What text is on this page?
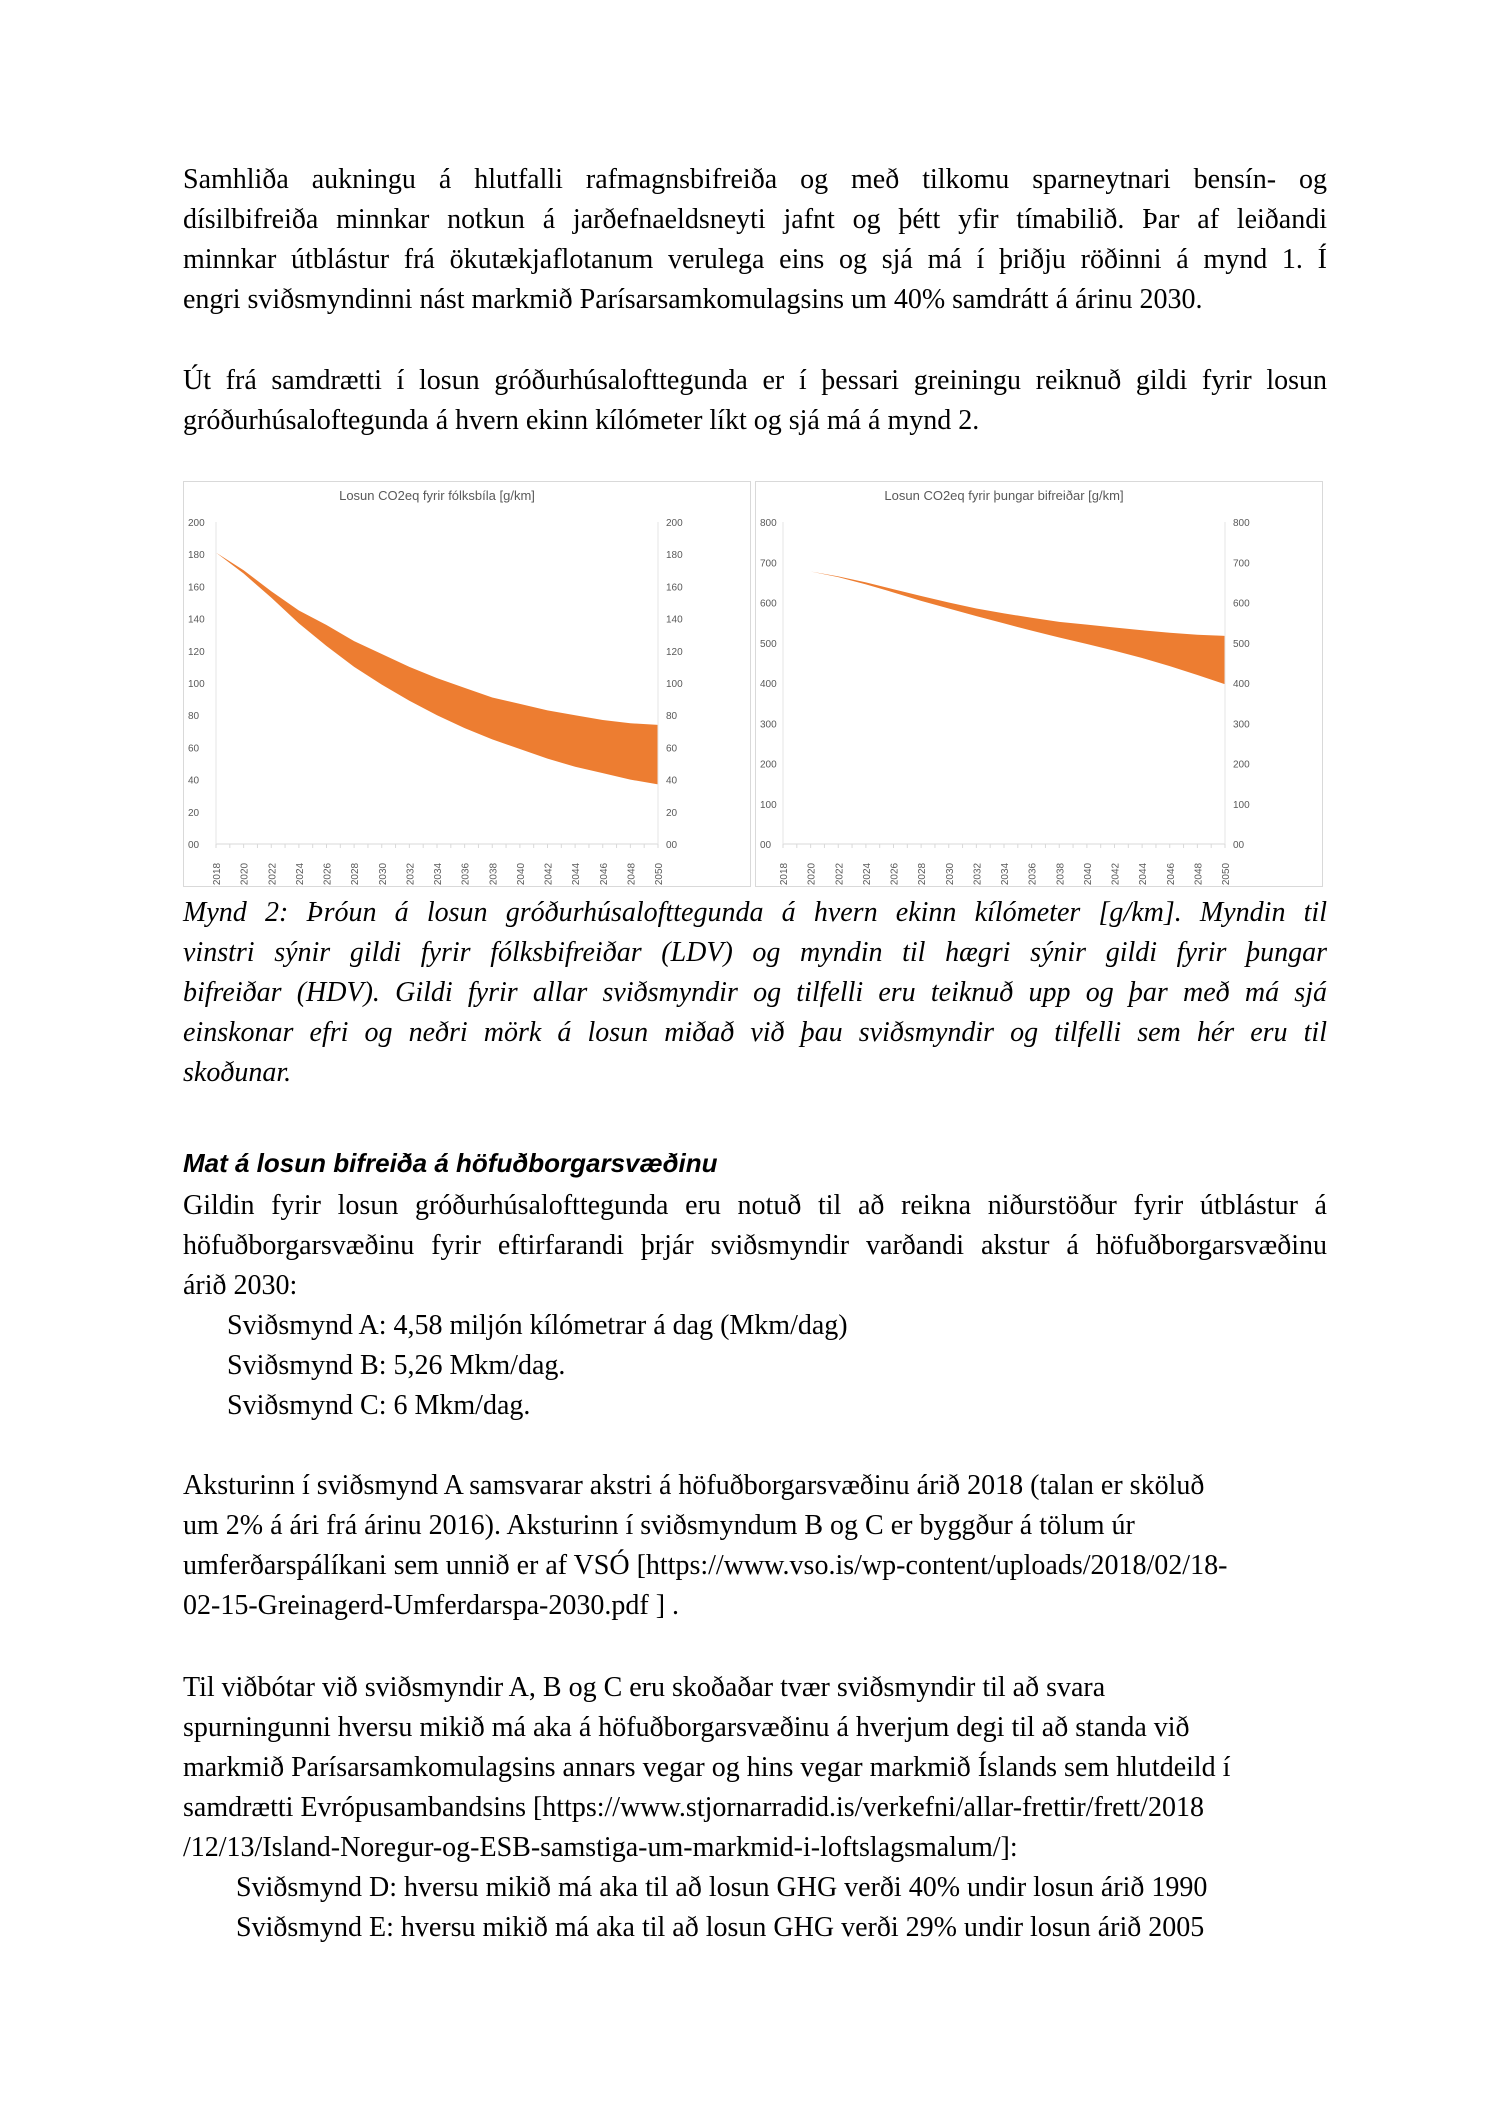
Samhliða aukningu á hlutfalli rafmagnsbifreiða og með tilkomu sparneytnari bensín- og
dísilbifreiða minnkar notkun á jarðefnaeldsneyti jafnt og þétt yfir tímabilið. Þar af leiðandi
minnkar útblástur frá ökutækjaflotanum verulega eins og sjá má í þriðju röðinni á mynd 1. Í
engri sviðsmyndinni nást markmið Parísarsamkomulagsins um 40% samdrátt á árinu 2030.
Út frá samdrætti í losun gróðurhúsalofttegunda er í þessari greiningu reiknuð gildi fyrir losun
gróðurhúsaloftegunda á hvern ekinn kílómeter líkt og sjá má á mynd 2.
Losun CO2eq fyrir fólksbíla [g/km]
00	00
20	20
40	40
60	60
80	80
100	100
120	120
140	140
160	160
180	180
200	200
2018 2020 2022 2024 2026 2028 2030 2032 2034 2036 2038 2040 2042 2044 2046 2048 2050
Losun CO2eq fyrir þungar bifreiðar [g/km]
00	00
100	100
200	200
300	300
400	400
500	500
600	600
700	700
800	800
2018 2020 2022 2024 2026 2028 2030 2032 2034 2036 2038 2040 2042 2044 2046 2048 2050
Mynd 2: Þróun á losun gróðurhúsalofttegunda á hvern ekinn kílómeter [g/km]. Myndin til
vinstri sýnir gildi fyrir fólksbifreiðar (LDV) og myndin til hægri sýnir gildi fyrir þungar
bifreiðar (HDV). Gildi fyrir allar sviðsmyndir og tilfelli eru teiknuð upp og þar með má sjá
einskonar efri og neðri mörk á losun miðað við þau sviðsmyndir og tilfelli sem hér eru til
skoðunar.
Mat á losun bifreiða á höfuðborgarsvæðinu
Gildin fyrir losun gróðurhúsalofttegunda eru notuð til að reikna niðurstöður fyrir útblástur á
höfuðborgarsvæðinu fyrir eftirfarandi þrjár sviðsmyndir varðandi akstur á höfuðborgarsvæðinu
árið 2030:
Sviðsmynd A: 4,58 miljón kílómetrar á dag (Mkm/dag)
Sviðsmynd B: 5,26 Mkm/dag.
Sviðsmynd C: 6 Mkm/dag.
Aksturinn í sviðsmynd A samsvarar akstri á höfuðborgarsvæðinu árið 2018 (talan er sköluð
um 2% á ári frá árinu 2016). Aksturinn í sviðsmyndum B og C er byggður á tölum úr
umferðarspálíkani sem unnið er af VSÓ [https://www.vso.is/wp-content/uploads/2018/02/18-
02-15-Greinagerd-Umferdarspa-2030.pdf ] .
Til viðbótar við sviðsmyndir A, B og C eru skoðaðar tvær sviðsmyndir til að svara
spurningunni hversu mikið má aka á höfuðborgarsvæðinu á hverjum degi til að standa við
markmið Parísarsamkomulagsins annars vegar og hins vegar markmið Íslands sem hlutdeild í
samdrætti Evrópusambandsins [https://www.stjornarradid.is/verkefni/allar-frettir/frett/2018
/12/13/Island-Noregur-og-ESB-samstiga-um-markmid-i-loftslagsmalum/]:
Sviðsmynd D: hversu mikið má aka til að losun GHG verði 40% undir losun árið 1990
Sviðsmynd E: hversu mikið má aka til að losun GHG verði 29% undir losun árið 2005
